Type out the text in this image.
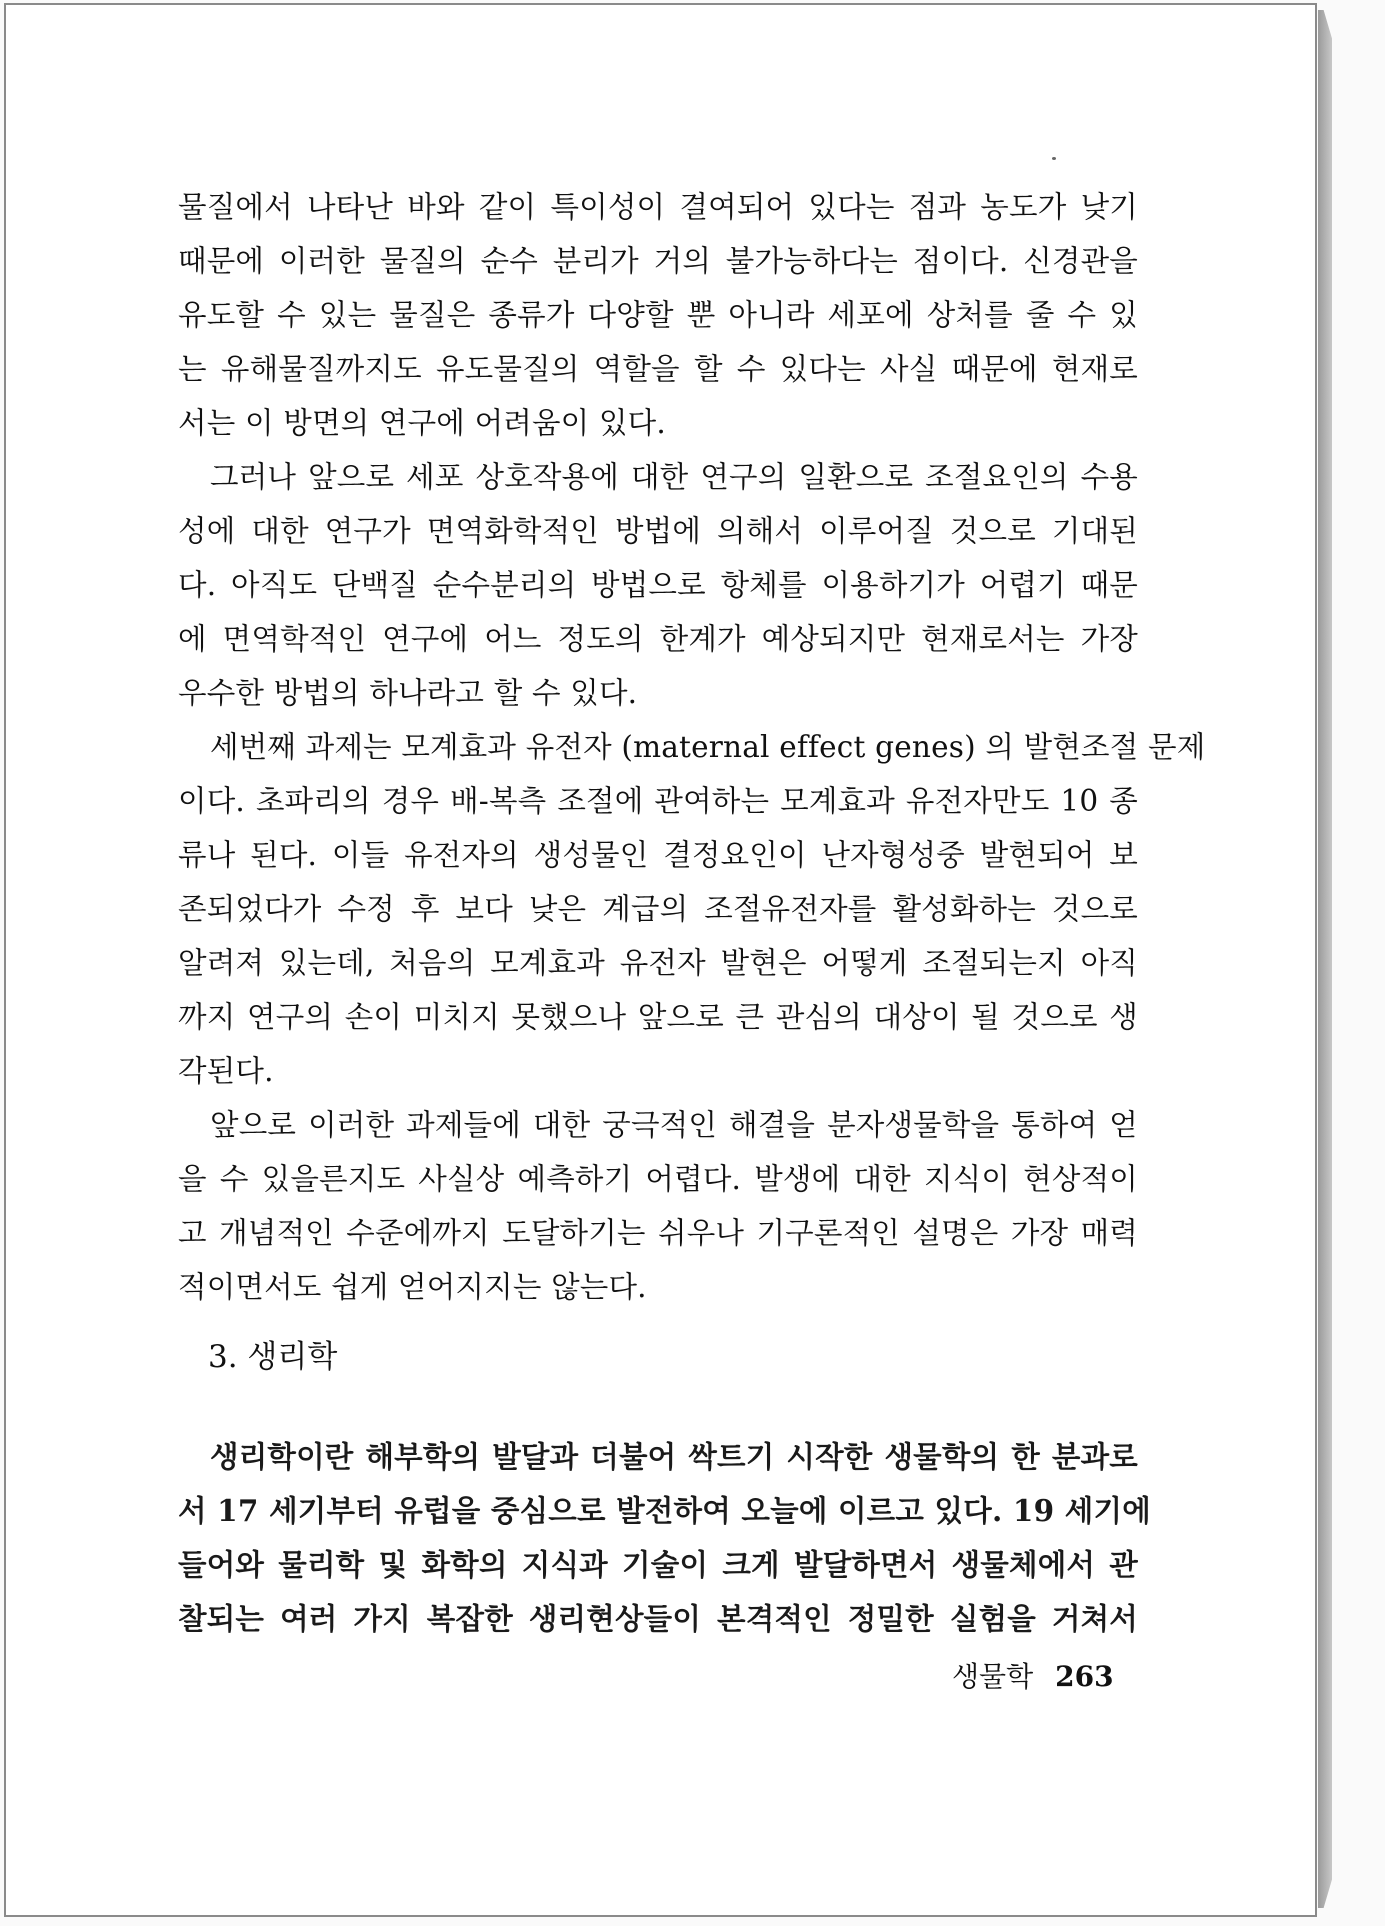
물질에서 나타난 바와 같이 특이성이 결여되어 있다는 점과 농도가 낮기
때문에 이러한 물질의 순수 분리가 거의 불가능하다는 점이다. 신경관을
유도할 수 있는 물질은 종류가 다양할 뿐 아니라 세포에 상처를 줄 수 있
는 유해물질까지도 유도물질의 역할을 할 수 있다는 사실 때문에 현재로
서는 이 방면의 연구에 어려움이 있다.
그러나 앞으로 세포 상호작용에 대한 연구의 일환으로 조절요인의 수용
성에 대한 연구가 면역화학적인 방법에 의해서 이루어질 것으로 기대된
다. 아직도 단백질 순수분리의 방법으로 항체를 이용하기가 어렵기 때문
에 면역학적인 연구에 어느 정도의 한계가 예상되지만 현재로서는 가장
우수한 방법의 하나라고 할 수 있다.
세번째 과제는 모계효과 유전자 (maternal effect genes) 의 발현조절 문제
이다. 초파리의 경우 배-복측 조절에 관여하는 모계효과 유전자만도 10 종
류나 된다. 이들 유전자의 생성물인 결정요인이 난자형성중 발현되어 보
존되었다가 수정 후 보다 낮은 계급의 조절유전자를 활성화하는 것으로
알려져 있는데, 처음의 모계효과 유전자 발현은 어떻게 조절되는지 아직
까지 연구의 손이 미치지 못했으나 앞으로 큰 관심의 대상이 될 것으로 생
각된다.
앞으로 이러한 과제들에 대한 궁극적인 해결을 분자생물학을 통하여 얻
을 수 있을른지도 사실상 예측하기 어렵다. 발생에 대한 지식이 현상적이
고 개념적인 수준에까지 도달하기는 쉬우나 기구론적인 설명은 가장 매력
적이면서도 쉽게 얻어지지는 않는다.
3. 생리학
생리학이란 해부학의 발달과 더불어 싹트기 시작한 생물학의 한 분과로
서 17 세기부터 유럽을 중심으로 발전하여 오늘에 이르고 있다. 19 세기에
들어와 물리학 및 화학의 지식과 기술이 크게 발달하면서 생물체에서 관
찰되는 여러 가지 복잡한 생리현상들이 본격적인 정밀한 실험을 거쳐서
생물학 263
